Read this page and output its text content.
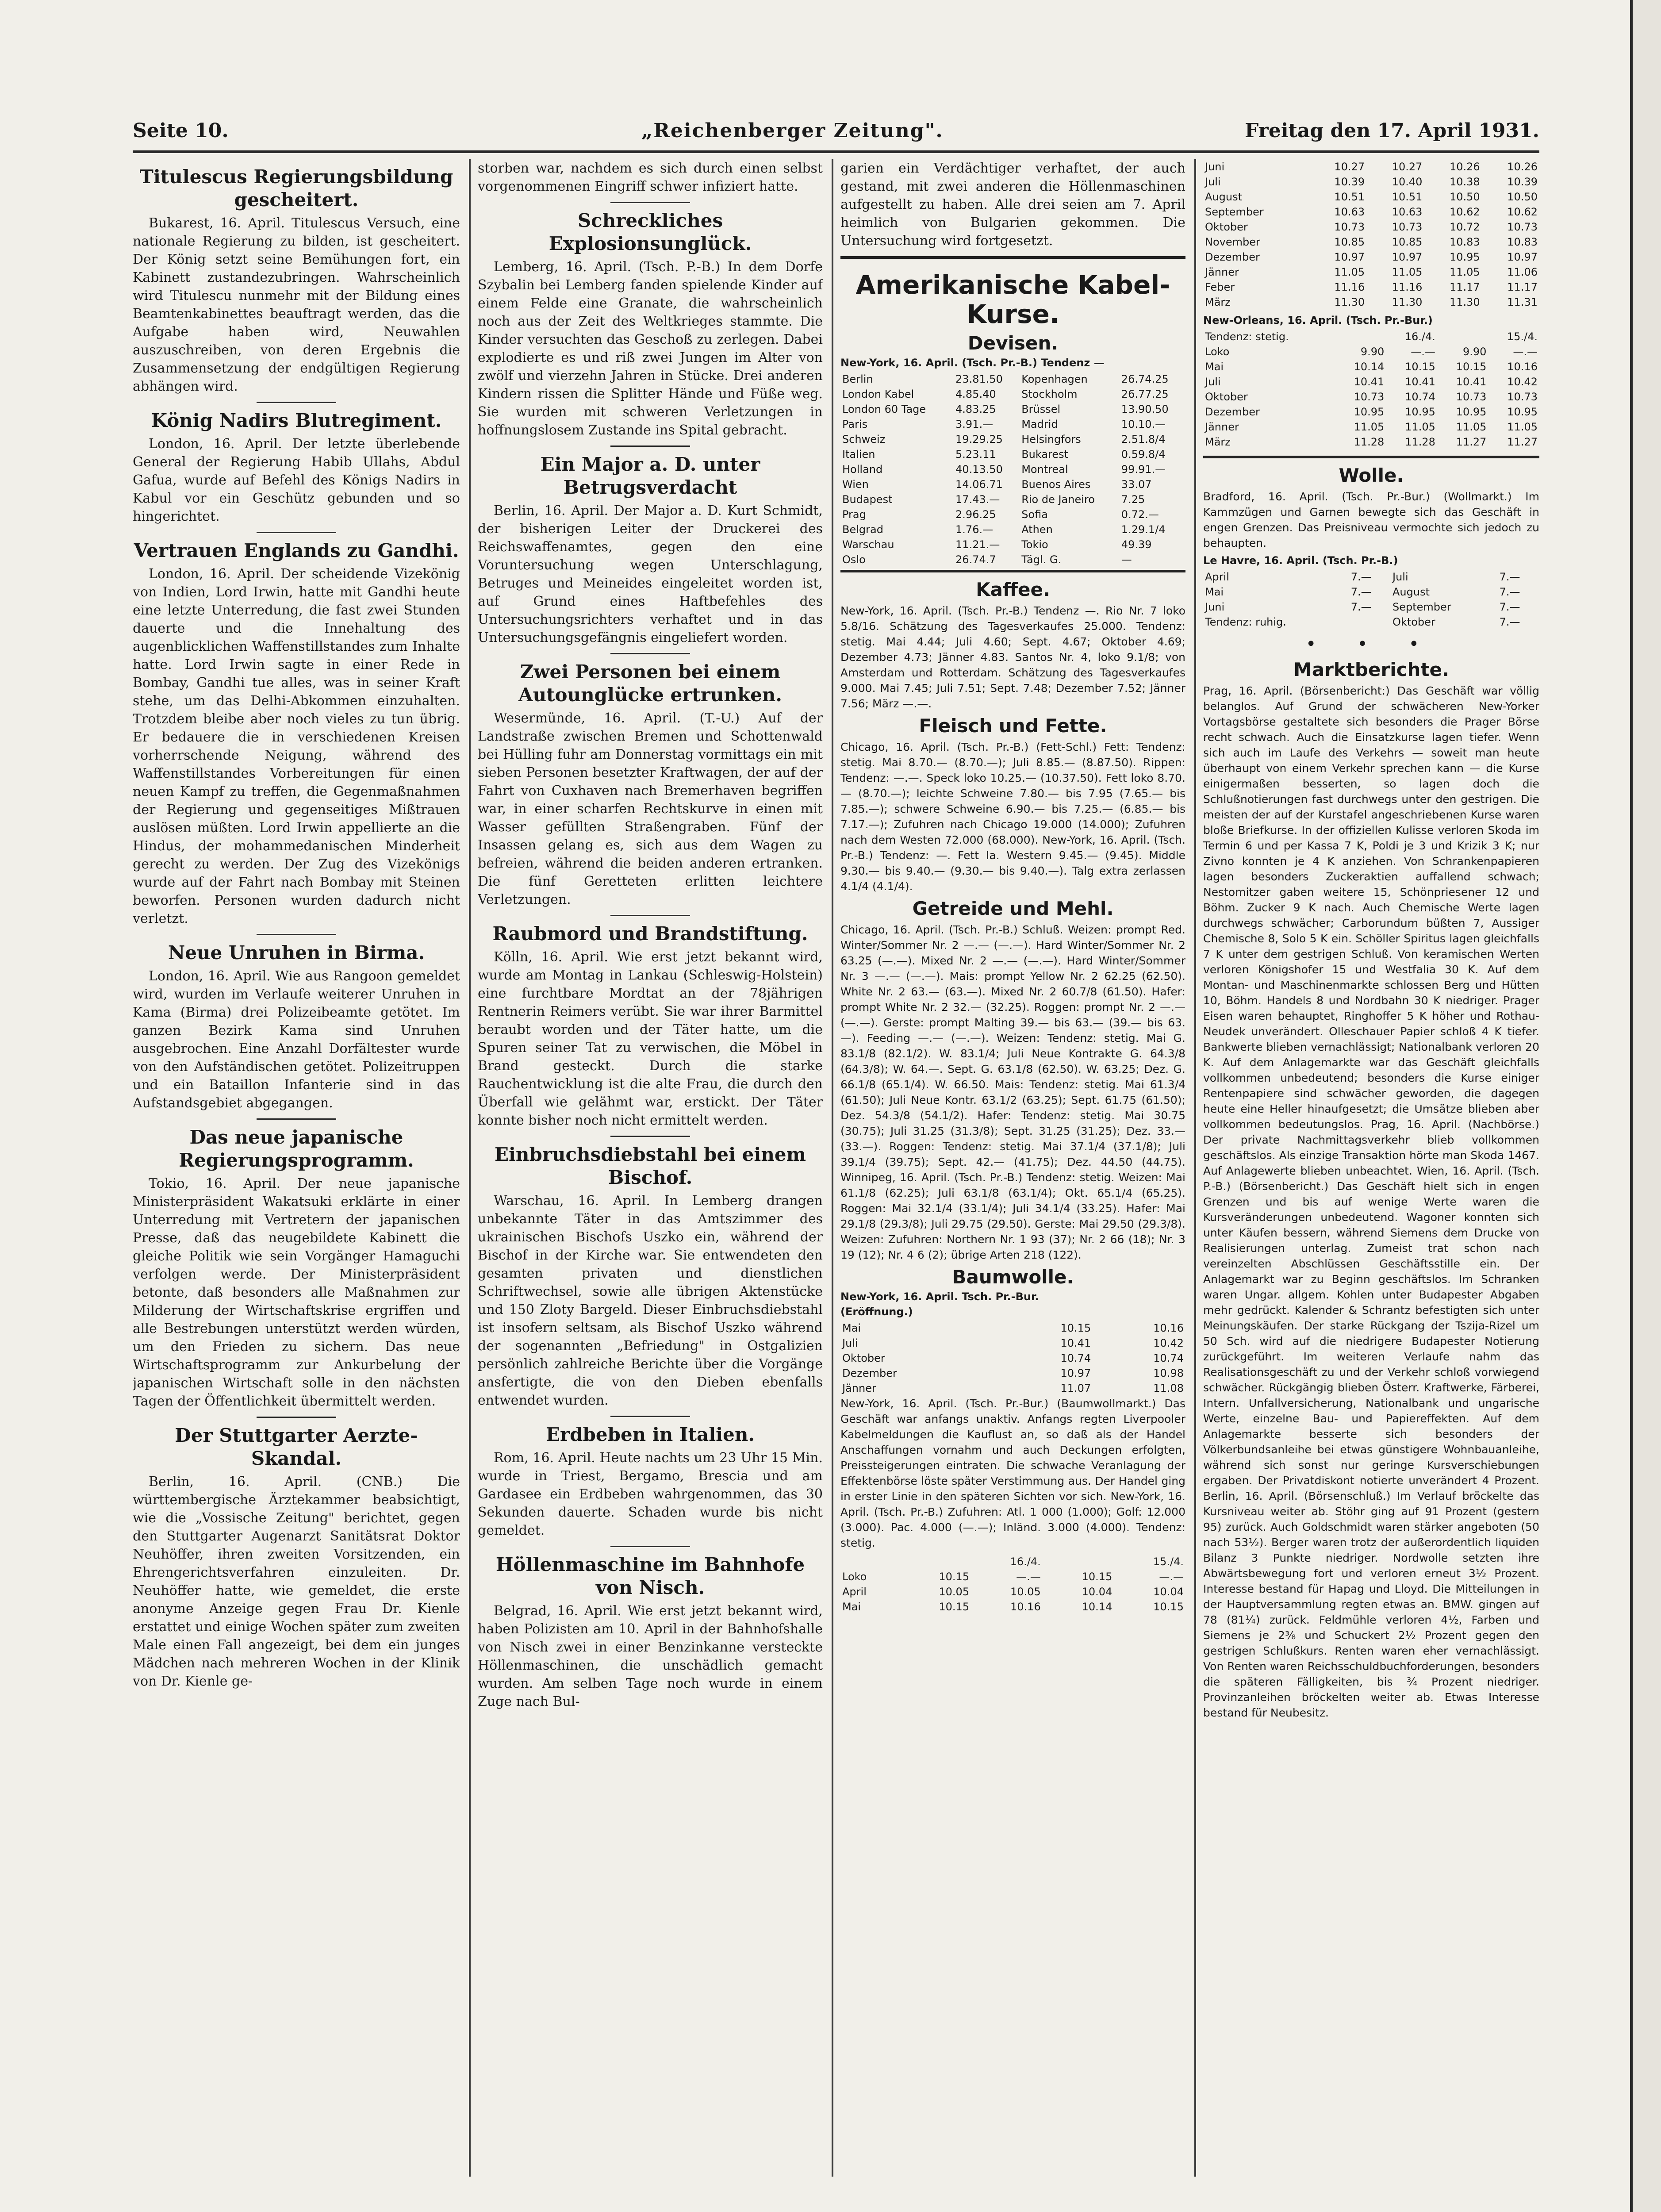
Seite 10.	„Reichenberger Zeitung".	Freitag den 17. April 1931.
Titulescus Regierungsbildung gescheitert.

Bukarest, 16. April. Titulescus Versuch, eine nationale Regierung zu bilden, ist gescheitert. Der König setzt seine Bemühungen fort, ein Kabinett zustandezubringen. Wahrscheinlich wird Titulescu nunmehr mit der Bildung eines Beamtenkabinettes beauftragt werden, das die Aufgabe haben wird, Neuwahlen auszuschreiben, von deren Ergebnis die Zusammensetzung der endgültigen Regierung abhängen wird.

König Nadirs Blutregiment.

London, 16. April. Der letzte überlebende General der Regierung Habib Ullahs, Abdul Gafua, wurde auf Befehl des Königs Nadirs in Kabul vor ein Geschütz gebunden und so hingerichtet.

Vertrauen Englands zu Gandhi.

London, 16. April. Der scheidende Vizekönig von Indien, Lord Irwin, hatte mit Gandhi heute eine letzte Unterredung, die fast zwei Stunden dauerte und die Innehaltung des augenblicklichen Waffenstillstandes zum Inhalte hatte. Lord Irwin sagte in einer Rede in Bombay, Gandhi tue alles, was in seiner Kraft stehe, um das Delhi-Abkommen einzuhalten. Trotzdem bleibe aber noch vieles zu tun übrig. Er bedauere die in verschiedenen Kreisen vorherrschende Neigung, während des Waffenstillstandes Vorbereitungen für einen neuen Kampf zu treffen, die Gegenmaßnahmen der Regierung und gegenseitiges Mißtrauen auslösen müßten. Lord Irwin appellierte an die Hindus, der mohammedanischen Minderheit gerecht zu werden. Der Zug des Vizekönigs wurde auf der Fahrt nach Bombay mit Steinen beworfen. Personen wurden dadurch nicht verletzt.

Neue Unruhen in Birma.

London, 16. April. Wie aus Rangoon gemeldet wird, wurden im Verlaufe weiterer Unruhen in Kama (Birma) drei Polizeibeamte getötet. Im ganzen Bezirk Kama sind Unruhen ausgebrochen. Eine Anzahl Dorfältester wurde von den Aufständischen getötet. Polizeitruppen und ein Bataillon Infanterie sind in das Aufstandsgebiet abgegangen.

Das neue japanische Regierungsprogramm.

Tokio, 16. April. Der neue japanische Ministerpräsident Wakatsuki erklärte in einer Unterredung mit Vertretern der japanischen Presse, daß das neugebildete Kabinett die gleiche Politik wie sein Vorgänger Hamaguchi verfolgen werde. Der Ministerpräsident betonte, daß besonders alle Maßnahmen zur Milderung der Wirtschaftskrise ergriffen und alle Bestrebungen unterstützt werden würden, um den Frieden zu sichern. Das neue Wirtschaftsprogramm zur Ankurbelung der japanischen Wirtschaft solle in den nächsten Tagen der Öffentlichkeit übermittelt werden.

Der Stuttgarter Aerzte-Skandal.

Berlin, 16. April. (CNB.) Die württembergische Ärztekammer beabsichtigt, wie die „Vossische Zeitung" berichtet, gegen den Stuttgarter Augenarzt Sanitätsrat Doktor Neuhöffer, ihren zweiten Vorsitzenden, ein Ehrengerichtsverfahren einzuleiten. Dr. Neuhöffer hatte, wie gemeldet, die erste anonyme Anzeige gegen Frau Dr. Kienle erstattet und einige Wochen später zum zweiten Male einen Fall angezeigt, bei dem ein junges Mädchen nach mehreren Wochen in der Klinik von Dr. Kienle ge-

storben war, nachdem es sich durch einen selbst vorgenommenen Eingriff schwer infiziert hatte.

Schreckliches Explosionsunglück.

Lemberg, 16. April. (Tsch. P.-B.) In dem Dorfe Szybalin bei Lemberg fanden spielende Kinder auf einem Felde eine Granate, die wahrscheinlich noch aus der Zeit des Weltkrieges stammte. Die Kinder versuchten das Geschoß zu zerlegen. Dabei explodierte es und riß zwei Jungen im Alter von zwölf und vierzehn Jahren in Stücke. Drei anderen Kindern rissen die Splitter Hände und Füße weg. Sie wurden mit schweren Verletzungen in hoffnungslosem Zustande ins Spital gebracht.

Ein Major a. D. unter Betrugsverdacht

Berlin, 16. April. Der Major a. D. Kurt Schmidt, der bisherigen Leiter der Druckerei des Reichswaffenamtes, gegen den eine Voruntersuchung wegen Unterschlagung, Betruges und Meineides eingeleitet worden ist, auf Grund eines Haftbefehles des Untersuchungsrichters verhaftet und in das Untersuchungsgefängnis eingeliefert worden.

Zwei Personen bei einem Autounglücke ertrunken.

Wesermünde, 16. April. (T.-U.) Auf der Landstraße zwischen Bremen und Schottenwald bei Hülling fuhr am Donnerstag vormittags ein mit sieben Personen besetzter Kraftwagen, der auf der Fahrt von Cuxhaven nach Bremerhaven begriffen war, in einer scharfen Rechtskurve in einen mit Wasser gefüllten Straßengraben. Fünf der Insassen gelang es, sich aus dem Wagen zu befreien, während die beiden anderen ertranken. Die fünf Geretteten erlitten leichtere Verletzungen.

Raubmord und Brandstiftung.

Kölln, 16. April. Wie erst jetzt bekannt wird, wurde am Montag in Lankau (Schleswig-Holstein) eine furchtbare Mordtat an der 78jährigen Rentnerin Reimers verübt. Sie war ihrer Barmittel beraubt worden und der Täter hatte, um die Spuren seiner Tat zu verwischen, die Möbel in Brand gesteckt. Durch die starke Rauchentwicklung ist die alte Frau, die durch den Überfall wie gelähmt war, erstickt. Der Täter konnte bisher noch nicht ermittelt werden.

Einbruchsdiebstahl bei einem Bischof.

Warschau, 16. April. In Lemberg drangen unbekannte Täter in das Amtszimmer des ukrainischen Bischofs Uszko ein, während der Bischof in der Kirche war. Sie entwendeten den gesamten privaten und dienstlichen Schriftwechsel, sowie alle übrigen Aktenstücke und 150 Zloty Bargeld. Dieser Einbruchsdiebstahl ist insofern seltsam, als Bischof Uszko während der sogenannten „Befriedung" in Ostgalizien persönlich zahlreiche Berichte über die Vorgänge ansfertigte, die von den Dieben ebenfalls entwendet wurden.

Erdbeben in Italien.

Rom, 16. April. Heute nachts um 23 Uhr 15 Min. wurde in Triest, Bergamo, Brescia und am Gardasee ein Erdbeben wahrgenommen, das 30 Sekunden dauerte. Schaden wurde bis nicht gemeldet.

Höllenmaschine im Bahnhofe von Nisch.

Belgrad, 16. April. Wie erst jetzt bekannt wird, haben Polizisten am 10. April in der Bahnhofshalle von Nisch zwei in einer Benzinkanne versteckte Höllenmaschinen, die unschädlich gemacht wurden. Am selben Tage noch wurde in einem Zuge nach Bul-

garien ein Verdächtiger verhaftet, der auch gestand, mit zwei anderen die Höllenmaschinen aufgestellt zu haben. Alle drei seien am 7. April heimlich von Bulgarien gekommen. Die Untersuchung wird fortgesetzt.

Amerikanische Kabel-Kurse.
Devisen.
New-York, 16. April. (Tsch. Pr.-B.) Tendenz —
Berlin	23.81.50	Kopenhagen	26.74.25
London Kabel	4.85.40	Stockholm	26.77.25
London 60 Tage	4.83.25	Brüssel	13.90.50
Paris	3.91.—	Madrid	10.10.—
Schweiz	19.29.25	Helsingfors	2.51.8/4
Italien	5.23.11	Bukarest	0.59.8/4
Holland	40.13.50	Montreal	99.91.—
Wien	14.06.71	Buenos Aires	33.07
Budapest	17.43.—	Rio de Janeiro	7.25
Prag	2.96.25	Sofia	0.72.—
Belgrad	1.76.—	Athen	1.29.1/4
Warschau	11.21.—	Tokio	49.39
Oslo	26.74.7	Tägl. G.	—
Kaffee.

New-York, 16. April. (Tsch. Pr.-B.) Tendenz —. Rio Nr. 7 loko 5.8/16. Schätzung des Tagesverkaufes 25.000. Tendenz: stetig. Mai 4.44; Juli 4.60; Sept. 4.67; Oktober 4.69; Dezember 4.73; Jänner 4.83. Santos Nr. 4, loko 9.1/8; von Amsterdam und Rotterdam. Schätzung des Tagesverkaufes 9.000. Mai 7.45; Juli 7.51; Sept. 7.48; Dezember 7.52; Jänner 7.56; März —.—.

Fleisch und Fette.

Chicago, 16. April. (Tsch. Pr.-B.) (Fett-Schl.) Fett: Tendenz: stetig. Mai 8.70.— (8.70.—); Juli 8.85.— (8.87.50). Rippen: Tendenz: —.—. Speck loko 10.25.— (10.37.50). Fett loko 8.70.— (8.70.—); leichte Schweine 7.80.— bis 7.95 (7.65.— bis 7.85.—); schwere Schweine 6.90.— bis 7.25.— (6.85.— bis 7.17.—); Zufuhren nach Chicago 19.000 (14.000); Zufuhren nach dem Westen 72.000 (68.000). New-York, 16. April. (Tsch. Pr.-B.) Tendenz: —. Fett Ia. Western 9.45.— (9.45). Middle 9.30.— bis 9.40.— (9.30.— bis 9.40.—). Talg extra zerlassen 4.1/4 (4.1/4).

Getreide und Mehl.

Chicago, 16. April. (Tsch. Pr.-B.) Schluß. Weizen: prompt Red. Winter/Sommer Nr. 2 —.— (—.—). Hard Winter/Sommer Nr. 2 63.25 (—.—). Mixed Nr. 2 —.— (—.—). Hard Winter/Sommer Nr. 3 —.— (—.—). Mais: prompt Yellow Nr. 2 62.25 (62.50). White Nr. 2 63.— (63.—). Mixed Nr. 2 60.7/8 (61.50). Hafer: prompt White Nr. 2 32.— (32.25). Roggen: prompt Nr. 2 —.— (—.—). Gerste: prompt Malting 39.— bis 63.— (39.— bis 63.—). Feeding —.— (—.—). Weizen: Tendenz: stetig. Mai G. 83.1/8 (82.1/2). W. 83.1/4; Juli Neue Kontrakte G. 64.3/8 (64.3/8); W. 64.—. Sept. G. 63.1/8 (62.50). W. 63.25; Dez. G. 66.1/8 (65.1/4). W. 66.50. Mais: Tendenz: stetig. Mai 61.3/4 (61.50); Juli Neue Kontr. 63.1/2 (63.25); Sept. 61.75 (61.50); Dez. 54.3/8 (54.1/2). Hafer: Tendenz: stetig. Mai 30.75 (30.75); Juli 31.25 (31.3/8); Sept. 31.25 (31.25); Dez. 33.— (33.—). Roggen: Tendenz: stetig. Mai 37.1/4 (37.1/8); Juli 39.1/4 (39.75); Sept. 42.— (41.75); Dez. 44.50 (44.75). Winnipeg, 16. April. (Tsch. Pr.-B.) Tendenz: stetig. Weizen: Mai 61.1/8 (62.25); Juli 63.1/8 (63.1/4); Okt. 65.1/4 (65.25). Roggen: Mai 32.1/4 (33.1/4); Juli 34.1/4 (33.25). Hafer: Mai 29.1/8 (29.3/8); Juli 29.75 (29.50). Gerste: Mai 29.50 (29.3/8). Weizen: Zufuhren: Northern Nr. 1 93 (37); Nr. 2 66 (18); Nr. 3 19 (12); Nr. 4 6 (2); übrige Arten 218 (122).

Baumwolle.
New-York, 16. April. Tsch. Pr.-Bur.
(Eröffnung.)
Mai	10.15	10.16
Juli	10.41	10.42
Oktober	10.74	10.74
Dezember	10.97	10.98
Jänner	11.07	11.08

New-York, 16. April. (Tsch. Pr.-Bur.) (Baumwollmarkt.) Das Geschäft war anfangs unaktiv. Anfangs regten Liverpooler Kabelmeldungen die Kauflust an, so daß als der Handel Anschaffungen vornahm und auch Deckungen erfolgten, Preissteigerungen eintraten. Die schwache Veranlagung der Effektenbörse löste später Verstimmung aus. Der Handel ging in erster Linie in den späteren Sichten vor sich. New-York, 16. April. (Tsch. Pr.-B.) Zufuhren: Atl. 1 000 (1.000); Golf: 12.000 (3.000). Pac. 4.000 (—.—); Inländ. 3.000 (4.000). Tendenz: stetig.

	16./4.		15./4.	
Loko	10.15	—.—	10.15	—.—
April	10.05	10.05	10.04	10.04
Mai	10.15	10.16	10.14	10.15
Juni	10.27	10.27	10.26	10.26
Juli	10.39	10.40	10.38	10.39
August	10.51	10.51	10.50	10.50
September	10.63	10.63	10.62	10.62
Oktober	10.73	10.73	10.72	10.73
November	10.85	10.85	10.83	10.83
Dezember	10.97	10.97	10.95	10.97
Jänner	11.05	11.05	11.05	11.06
Feber	11.16	11.16	11.17	11.17
März	11.30	11.30	11.30	11.31
New-Orleans, 16. April. (Tsch. Pr.-Bur.)
Tendenz: stetig.	16./4.		15./4.	
Loko	9.90	—.—	9.90	—.—
Mai	10.14	10.15	10.15	10.16
Juli	10.41	10.41	10.41	10.42
Oktober	10.73	10.74	10.73	10.73
Dezember	10.95	10.95	10.95	10.95
Jänner	11.05	11.05	11.05	11.05
März	11.28	11.28	11.27	11.27
Wolle.

Bradford, 16. April. (Tsch. Pr.-Bur.) (Wollmarkt.) Im Kammzügen und Garnen bewegte sich das Geschäft in engen Grenzen. Das Preisniveau vermochte sich jedoch zu behaupten.

Le Havre, 16. April. (Tsch. Pr.-B.)
April	7.—	Juli	7.—
Mai	7.—	August	7.—
Juni	7.—	September	7.—
Tendenz: ruhig.		Oktober	7.—
• • •
Marktberichte.

Prag, 16. April. (Börsenbericht:) Das Geschäft war völlig belanglos. Auf Grund der schwächeren New-Yorker Vortagsbörse gestaltete sich besonders die Prager Börse recht schwach. Auch die Einsatzkurse lagen tiefer. Wenn sich auch im Laufe des Verkehrs — soweit man heute überhaupt von einem Verkehr sprechen kann — die Kurse einigermaßen besserten, so lagen doch die Schlußnotierungen fast durchwegs unter den gestrigen. Die meisten der auf der Kurstafel angeschriebenen Kurse waren bloße Briefkurse. In der offiziellen Kulisse verloren Skoda im Termin 6 und per Kassa 7 K, Poldi je 3 und Krizik 3 K; nur Zivno konnten je 4 K anziehen. Von Schrankenpapieren lagen besonders Zuckeraktien auffallend schwach; Nestomitzer gaben weitere 15, Schönpriesener 12 und Böhm. Zucker 9 K nach. Auch Chemische Werte lagen durchwegs schwächer; Carborundum büßten 7, Aussiger Chemische 8, Solo 5 K ein. Schöller Spiritus lagen gleichfalls 7 K unter dem gestrigen Schluß. Von keramischen Werten verloren Königshofer 15 und Westfalia 30 K. Auf dem Montan- und Maschinenmarkte schlossen Berg und Hütten 10, Böhm. Handels 8 und Nordbahn 30 K niedriger. Prager Eisen waren behauptet, Ringhoffer 5 K höher und Rothau-Neudek unverändert. Olleschauer Papier schloß 4 K tiefer. Bankwerte blieben vernachlässigt; Nationalbank verloren 20 K. Auf dem Anlagemarkte war das Geschäft gleichfalls vollkommen unbedeutend; besonders die Kurse einiger Rentenpapiere sind schwächer geworden, die dagegen heute eine Heller hinaufgesetzt; die Umsätze blieben aber vollkommen bedeutungslos. Prag, 16. April. (Nachbörse.) Der private Nachmittagsverkehr blieb vollkommen geschäftslos. Als einzige Transaktion hörte man Skoda 1467. Auf Anlagewerte blieben unbeachtet. Wien, 16. April. (Tsch. P.-B.) (Börsenbericht.) Das Geschäft hielt sich in engen Grenzen und bis auf wenige Werte waren die Kursveränderungen unbedeutend. Wagoner konnten sich unter Käufen bessern, während Siemens dem Drucke von Realisierungen unterlag. Zumeist trat schon nach vereinzelten Abschlüssen Geschäftsstille ein. Der Anlagemarkt war zu Beginn geschäftslos. Im Schranken waren Ungar. allgem. Kohlen unter Budapester Abgaben mehr gedrückt. Kalender & Schrantz befestigten sich unter Meinungskäufen. Der starke Rückgang der Tszija-Rizel um 50 Sch. wird auf die niedrigere Budapester Notierung zurückgeführt. Im weiteren Verlaufe nahm das Realisationsgeschäft zu und der Verkehr schloß vorwiegend schwächer. Rückgängig blieben Österr. Kraftwerke, Färberei, Intern. Unfallversicherung, Nationalbank und ungarische Werte, einzelne Bau- und Papiereffekten. Auf dem Anlagemarkte besserte sich besonders der Völkerbundsanleihe bei etwas günstigere Wohnbauanleihe, während sich sonst nur geringe Kursverschiebungen ergaben. Der Privatdiskont notierte unverändert 4 Prozent. Berlin, 16. April. (Börsenschluß.) Im Verlauf bröckelte das Kursniveau weiter ab. Stöhr ging auf 91 Prozent (gestern 95) zurück. Auch Goldschmidt waren stärker angeboten (50 nach 53½). Berger waren trotz der außerordentlich liquiden Bilanz 3 Punkte niedriger. Nordwolle setzten ihre Abwärtsbewegung fort und verloren erneut 3½ Prozent. Interesse bestand für Hapag und Lloyd. Die Mitteilungen in der Hauptversammlung regten etwas an. BMW. gingen auf 78 (81¼) zurück. Feldmühle verloren 4½, Farben und Siemens je 2⅜ und Schuckert 2½ Prozent gegen den gestrigen Schlußkurs. Renten waren eher vernachlässigt. Von Renten waren Reichsschuldbuchforderungen, besonders die späteren Fälligkeiten, bis ¾ Prozent niedriger. Provinzanleihen bröckelten weiter ab. Etwas Interesse bestand für Neubesitz.
